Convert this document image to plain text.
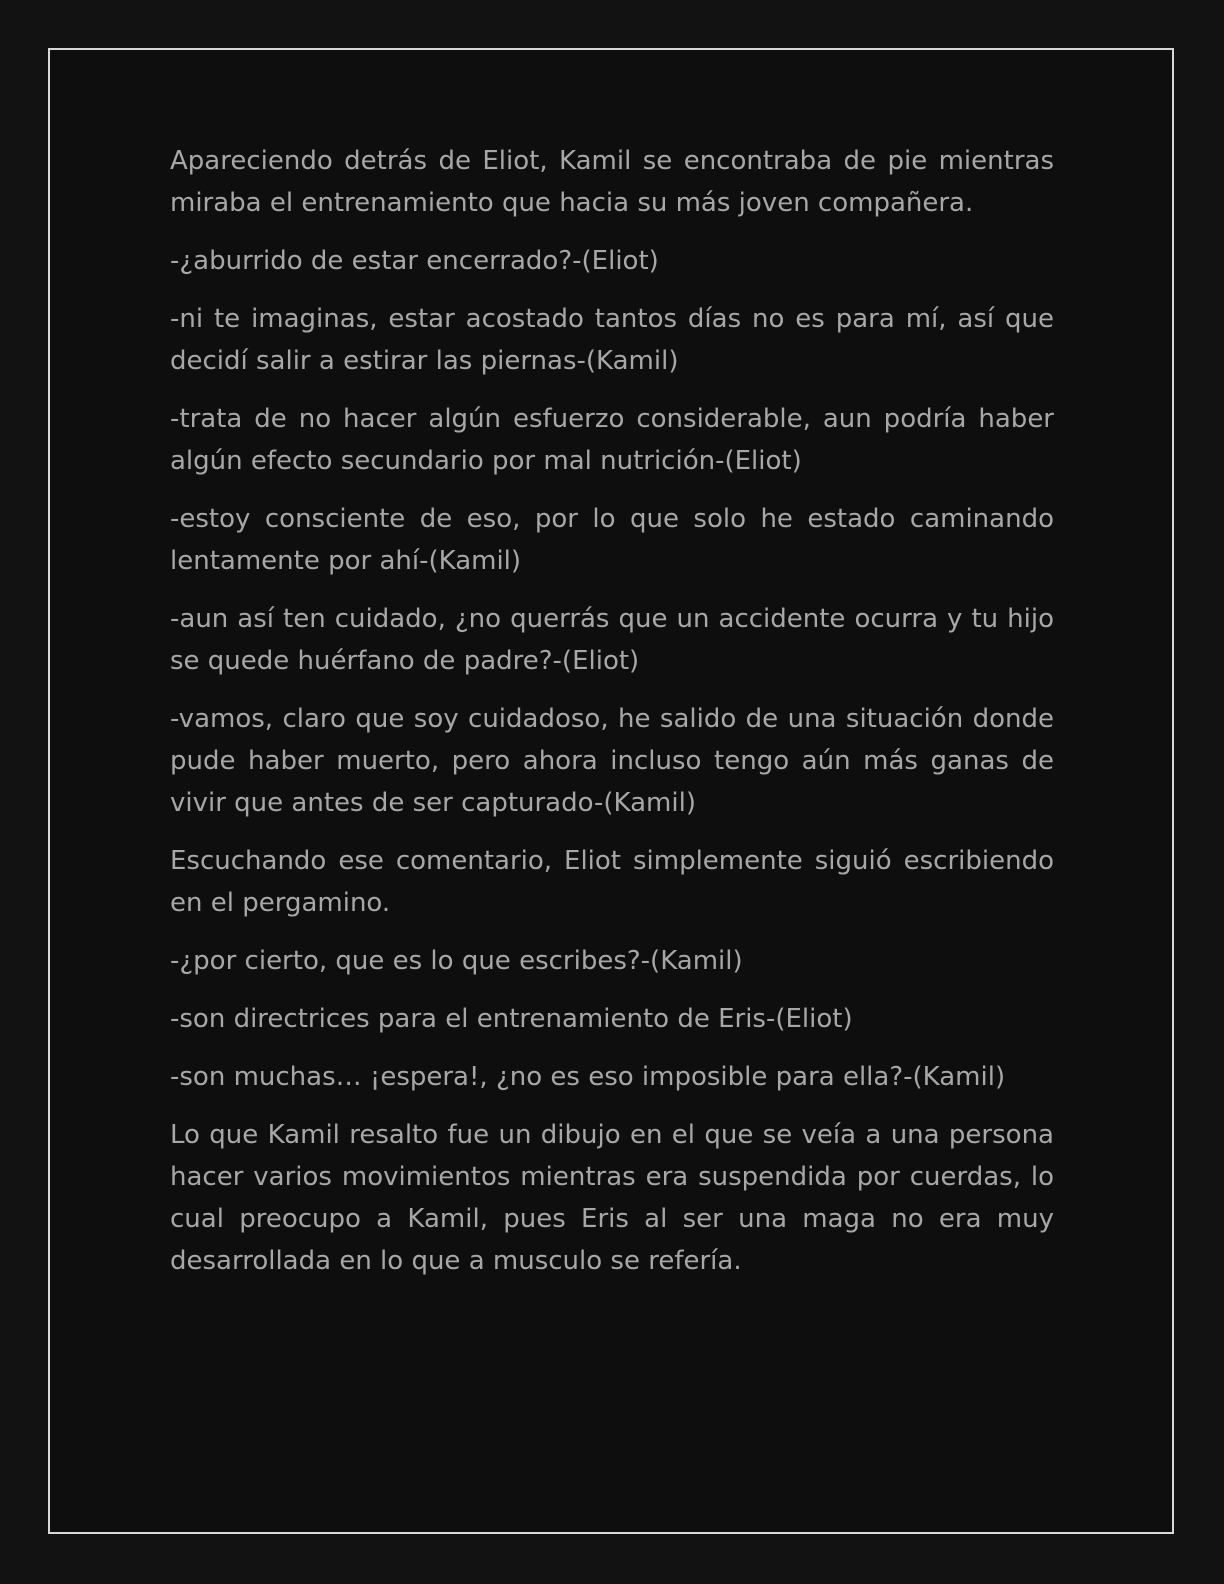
Apareciendo detrás de Eliot, Kamil se encontraba de pie mientras miraba el entrenamiento que hacia su más joven compañera.

-¿aburrido de estar encerrado?-(Eliot)

-ni te imaginas, estar acostado tantos días no es para mí, así que decidí salir a estirar las piernas-(Kamil)

-trata de no hacer algún esfuerzo considerable, aun podría haber algún efecto secundario por mal nutrición-(Eliot)

-estoy consciente de eso, por lo que solo he estado caminando lentamente por ahí-(Kamil)

-aun así ten cuidado, ¿no querrás que un accidente ocurra y tu hijo se quede huérfano de padre?-(Eliot)

-vamos, claro que soy cuidadoso, he salido de una situación donde pude haber muerto, pero ahora incluso tengo aún más ganas de vivir que antes de ser capturado-(Kamil)

Escuchando ese comentario, Eliot simplemente siguió escribiendo en el pergamino.

-¿por cierto, que es lo que escribes?-(Kamil)

-son directrices para el entrenamiento de Eris-(Eliot)

-son muchas… ¡espera!, ¿no es eso imposible para ella?-(Kamil)

Lo que Kamil resalto fue un dibujo en el que se veía a una persona hacer varios movimientos mientras era suspendida por cuerdas, lo cual preocupo a Kamil, pues Eris al ser una maga no era muy desarrollada en lo que a musculo se refería.
